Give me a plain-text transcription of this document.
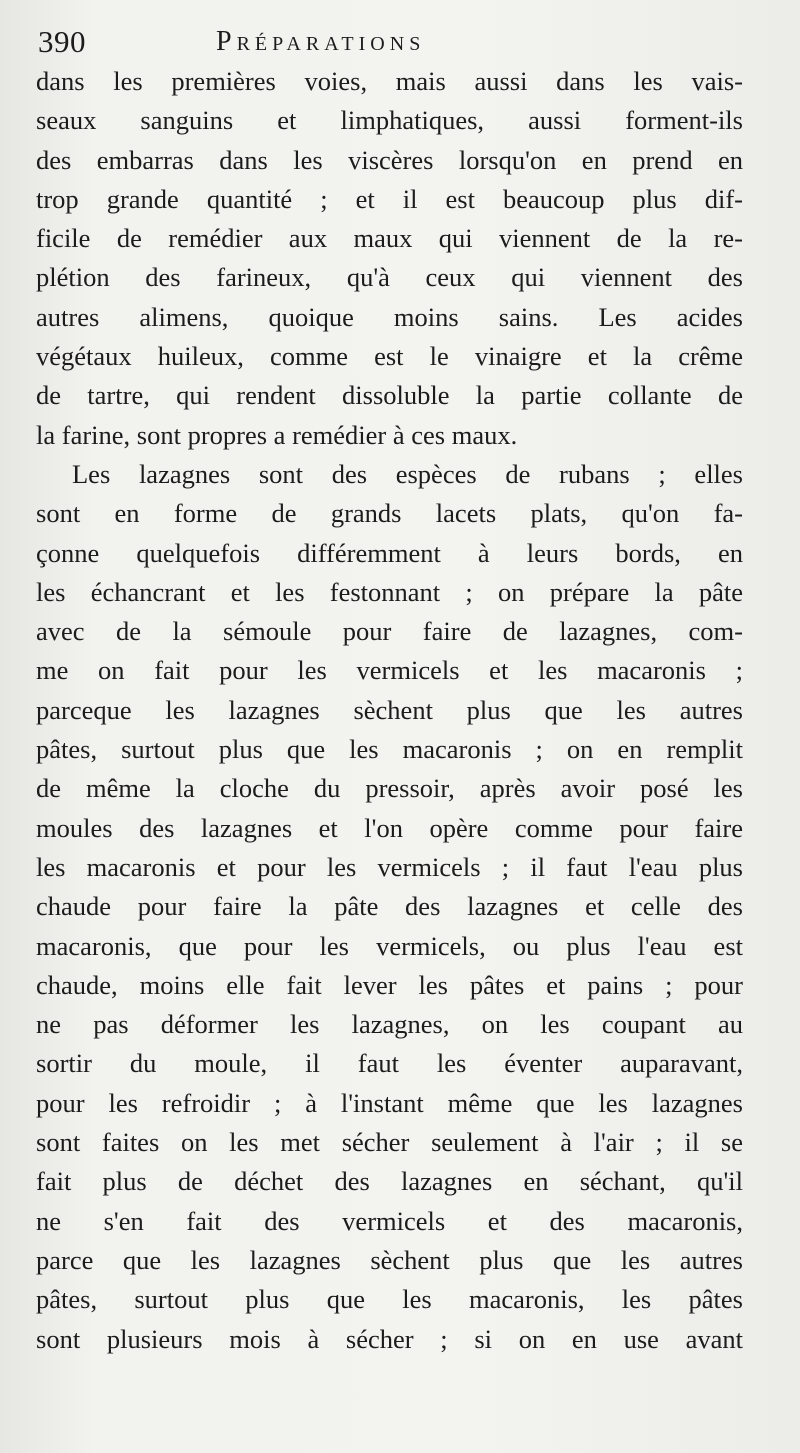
390	Préparations
dans les premières voies, mais aussi dans les vais-
seaux sanguins et limphatiques, aussi forment-ils
des embarras dans les viscères lorsqu'on en prend en
trop grande quantité ; et il est beaucoup plus dif-
ficile de remédier aux maux qui viennent de la re-
plétion des farineux, qu'à ceux qui viennent des
autres alimens, quoique moins sains. Les acides
végétaux huileux, comme est le vinaigre et la crême
de tartre, qui rendent dissoluble la partie collante de
la farine, sont propres a remédier à ces maux.
Les lazagnes sont des espèces de rubans ; elles
sont en forme de grands lacets plats, qu'on fa-
çonne quelquefois différemment à leurs bords, en
les échancrant et les festonnant ; on prépare la pâte
avec de la sémoule pour faire de lazagnes, com-
me on fait pour les vermicels et les macaronis ;
parceque les lazagnes sèchent plus que les autres
pâtes, surtout plus que les macaronis ; on en remplit
de même la cloche du pressoir, après avoir posé les
moules des lazagnes et l'on opère comme pour faire
les macaronis et pour les vermicels ; il faut l'eau plus
chaude pour faire la pâte des lazagnes et celle des
macaronis, que pour les vermicels, ou plus l'eau est
chaude, moins elle fait lever les pâtes et pains ; pour
ne pas déformer les lazagnes, on les coupant au
sortir du moule, il faut les éventer auparavant,
pour les refroidir ; à l'instant même que les lazagnes
sont faites on les met sécher seulement à l'air ; il se
fait plus de déchet des lazagnes en séchant, qu'il
ne s'en fait des vermicels et des macaronis,
parce que les lazagnes sèchent plus que les autres
pâtes, surtout plus que les macaronis, les pâtes
sont plusieurs mois à sécher ; si on en use avant
